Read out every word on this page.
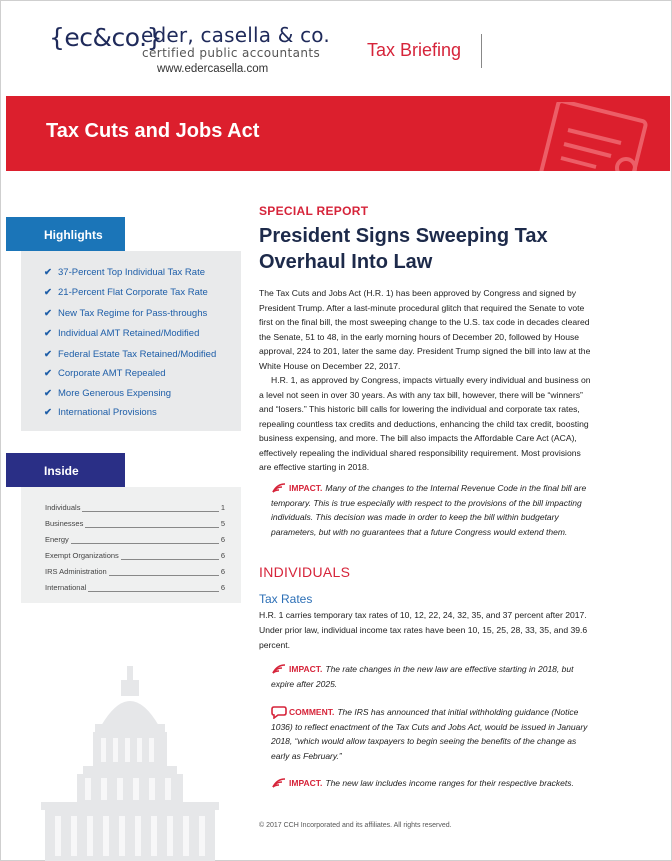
{ec&co.}
eder, casella & co.
certified public accountants
www.edercasella.com
Tax Briefing
Tax Cuts and Jobs Act
SPECIAL REPORT
President Signs Sweeping Tax Overhaul Into Law

The Tax Cuts and Jobs Act (H.R. 1) has been approved by Congress and signed by President Trump. After a last-minute procedural glitch that required the Senate to vote first on the final bill, the most sweeping change to the U.S. tax code in decades cleared the Senate, 51 to 48, in the early morning hours of December 20, followed by House approval, 224 to 201, later the same day. President Trump signed the bill into law at the White House on December 22, 2017.

H.R. 1, as approved by Congress, impacts virtually every individual and business on a level not seen in over 30 years. As with any tax bill, however, there will be “winners” and “losers.” This historic bill calls for lowering the individual and corporate tax rates, repealing countless tax credits and deductions, enhancing the child tax credit, boosting business expensing, and more. The bill also impacts the Affordable Care Act (ACA), effectively repealing the individual shared responsibility requirement. Most provisions are effective starting in 2018.

IMPACT. Many of the changes to the Internal Revenue Code in the final bill are temporary. This is true especially with respect to the provisions of the bill impacting individuals. This decision was made in order to keep the bill within budgetary parameters, but with no guarantees that a future Congress would extend them.
INDIVIDUALS
Tax Rates

H.R. 1 carries temporary tax rates of 10, 12, 22, 24, 32, 35, and 37 percent after 2017. Under prior law, individual income tax rates have been 10, 15, 25, 28, 33, 35, and 39.6 percent.

IMPACT. The rate changes in the new law are effective starting in 2018, but expire after 2025.
COMMENT. The IRS has announced that initial withholding guidance (Notice 1036) to reflect enactment of the Tax Cuts and Jobs Act, would be issued in January 2018, “which would allow taxpayers to begin seeing the benefits of the change as early as February.”
IMPACT. The new law includes income ranges for their respective brackets.
© 2017 CCH Incorporated and its affiliates. All rights reserved.
Highlights
✔ 37-Percent Top Individual Tax Rate
✔ 21-Percent Flat Corporate Tax Rate
✔ New Tax Regime for Pass-throughs
✔ Individual AMT Retained/Modified
✔ Federal Estate Tax Retained/Modified
✔ Corporate AMT Repealed
✔ More Generous Expensing
✔ International Provisions
Inside
Individuals	1
Businesses	5
Energy	6
Exempt Organizations	6
IRS Administration	6
International	6
